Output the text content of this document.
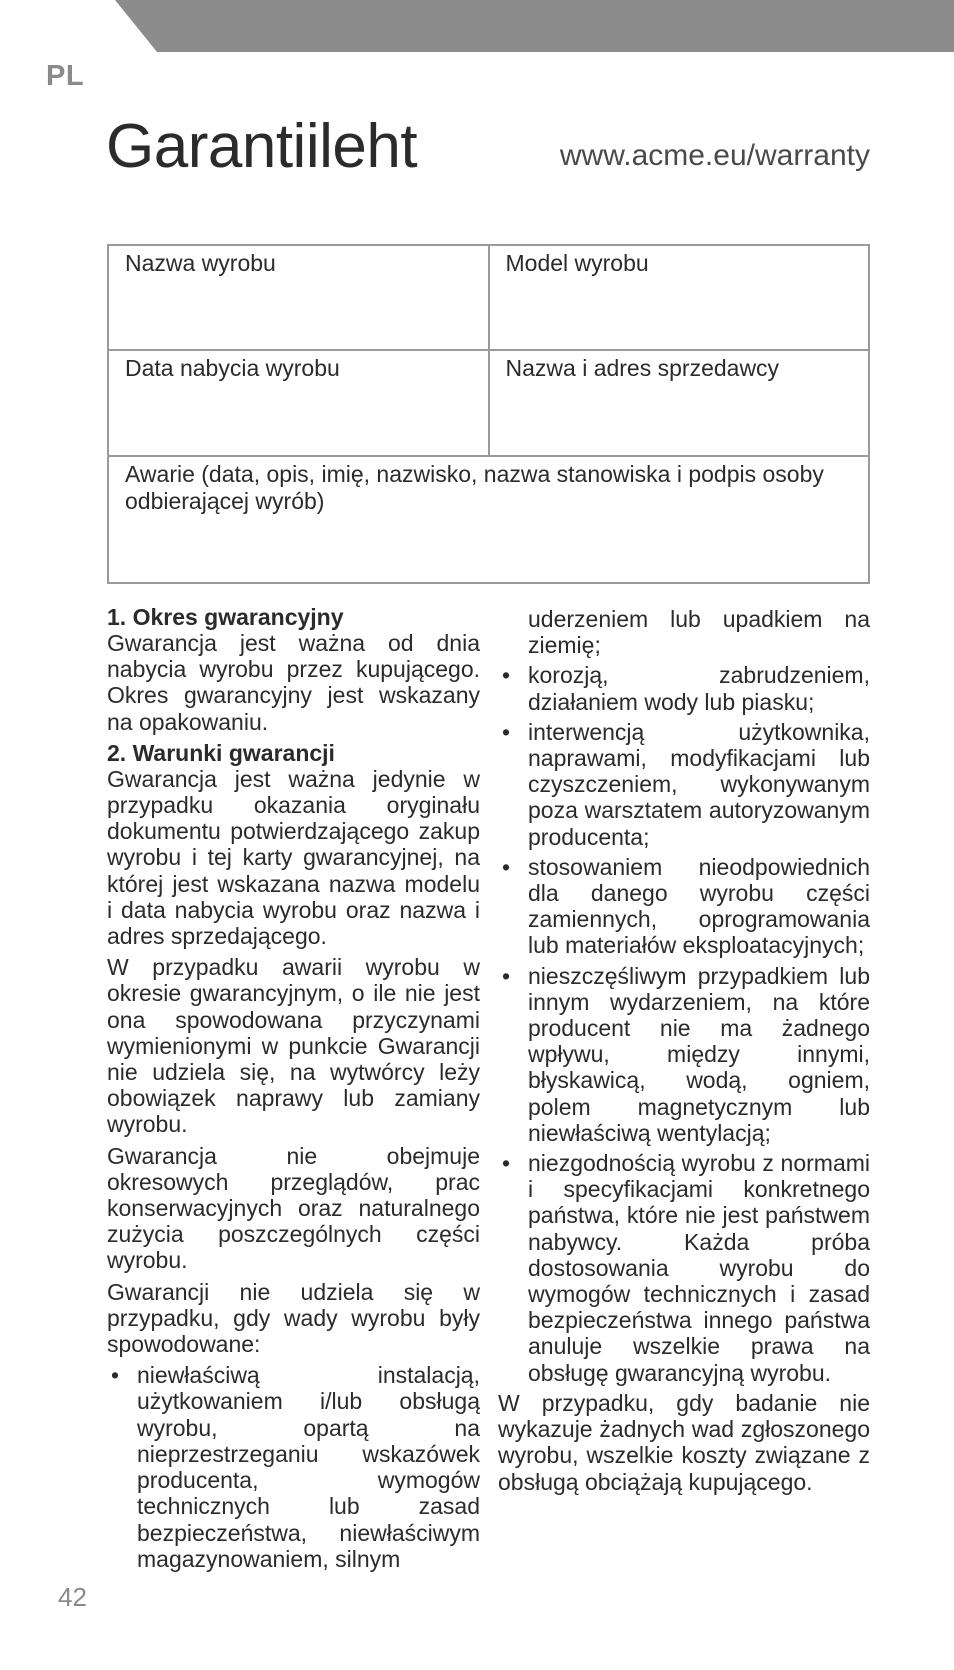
PL
Garantiileht	www.acme.eu/warranty
Nazwa wyrobu	Model wyrobu
Data nabycia wyrobu	Nazwa i adres sprzedawcy
Awarie (data, opis, imię, nazwisko, nazwa stanowiska i podpis osoby odbierającej wyrób)
1. Okres gwarancyjny

Gwarancja jest ważna od dnia nabycia wyrobu przez kupującego. Okres gwarancyjny jest wskazany na opakowaniu.

2. Warunki gwarancji

Gwarancja jest ważna jedynie w przypadku okazania oryginału dokumentu potwierdzającego zakup wyrobu i tej karty gwarancyjnej, na której jest wskazana nazwa modelu i data nabycia wyrobu oraz nazwa i adres sprzedającego.

W przypadku awarii wyrobu w okresie gwarancyjnym, o ile nie jest ona spowodowana przyczynami wymienionymi w punkcie Gwarancji nie udziela się, na wytwórcy leży obowiązek naprawy lub zamiany wyrobu.

Gwarancja nie obejmuje okresowych przeglądów, prac konserwacyjnych oraz naturalnego zużycia poszczególnych części wyrobu.

Gwarancji nie udziela się w przypadku, gdy wady wyrobu były spowodowane:

• niewłaściwą instalacją, użytkowaniem i/lub obsługą wyrobu, opartą na nieprzestrzeganiu wskazówek producenta, wymogów technicznych lub zasad bezpieczeństwa, niewłaściwym magazynowaniem, silnym
uderzeniem lub upadkiem na ziemię;
• korozją, zabrudzeniem, działaniem wody lub piasku;
• interwencją użytkownika, naprawami, modyfikacjami lub czyszczeniem, wykonywanym poza warsztatem autoryzowanym producenta;
• stosowaniem nieodpowiednich dla danego wyrobu części zamiennych, oprogramowania lub materiałów eksploatacyjnych;
• nieszczęśliwym przypadkiem lub innym wydarzeniem, na które producent nie ma żadnego wpływu, między innymi, błyskawicą, wodą, ogniem, polem magnetycznym lub niewłaściwą wentylacją;
• niezgodnością wyrobu z normami i specyfikacjami konkretnego państwa, które nie jest państwem nabywcy. Każda próba dostosowania wyrobu do wymogów technicznych i zasad bezpieczeństwa innego państwa anuluje wszelkie prawa na obsługę gwarancyjną wyrobu.

W przypadku, gdy badanie nie wykazuje żadnych wad zgłoszonego wyrobu, wszelkie koszty związane z obsługą obciążają kupującego.

42
